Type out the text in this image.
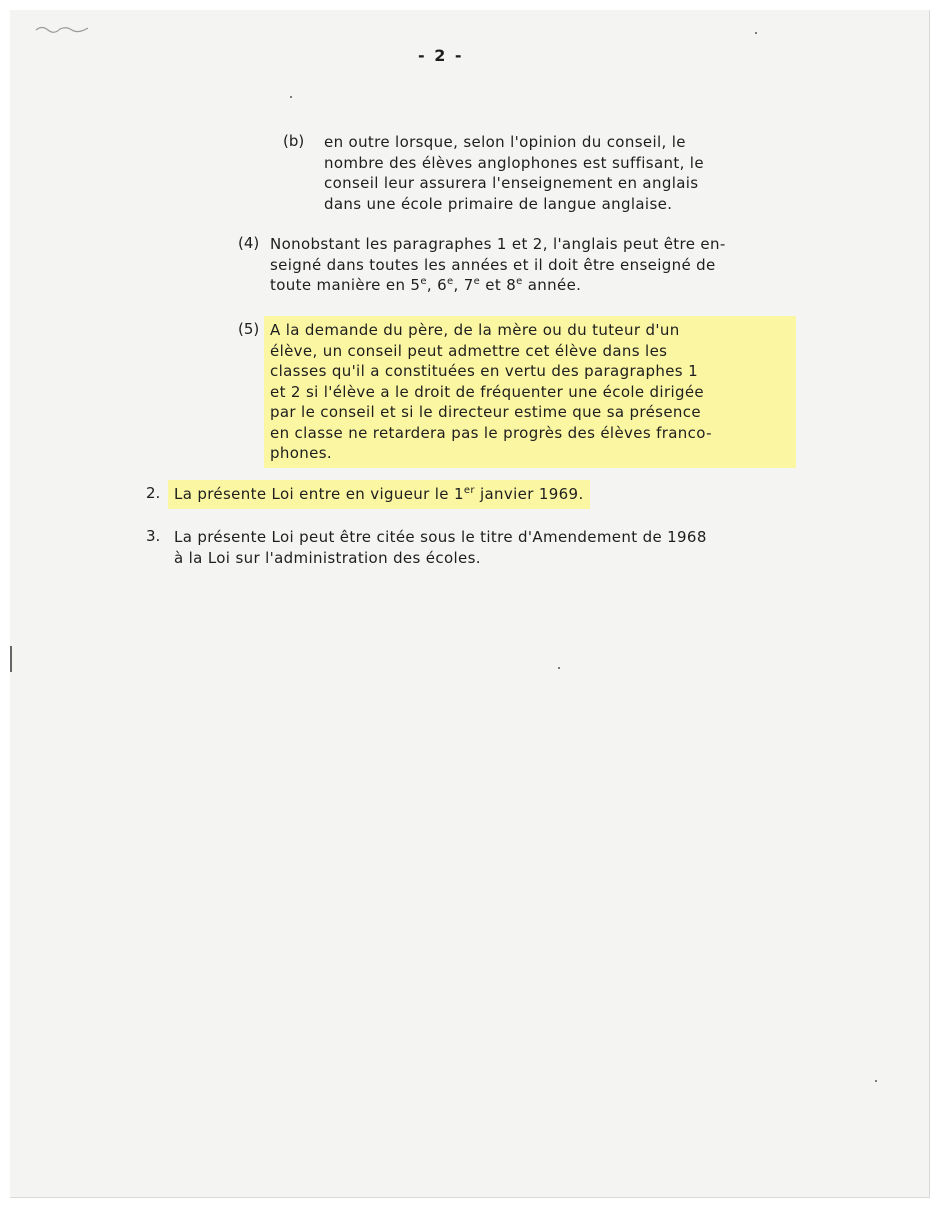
- 2 -
(b) en outre lorsque, selon l'opinion du conseil, le
nombre des élèves anglophones est suffisant, le
conseil leur assurera l'enseignement en anglais
dans une école primaire de langue anglaise.
(4) Nonobstant les paragraphes 1 et 2, l'anglais peut être en-
seigné dans toutes les années et il doit être enseigné de
toute manière en 5e, 6e, 7e et 8e année.
(5) A la demande du père, de la mère ou du tuteur d'un
élève, un conseil peut admettre cet élève dans les
classes qu'il a constituées en vertu des paragraphes 1
et 2 si l'élève a le droit de fréquenter une école dirigée
par le conseil et si le directeur estime que sa présence
en classe ne retardera pas le progrès des élèves franco-
phones.
2. La présente Loi entre en vigueur le 1er janvier 1969.
3. La présente Loi peut être citée sous le titre d'Amendement de 1968
à la Loi sur l'administration des écoles.
